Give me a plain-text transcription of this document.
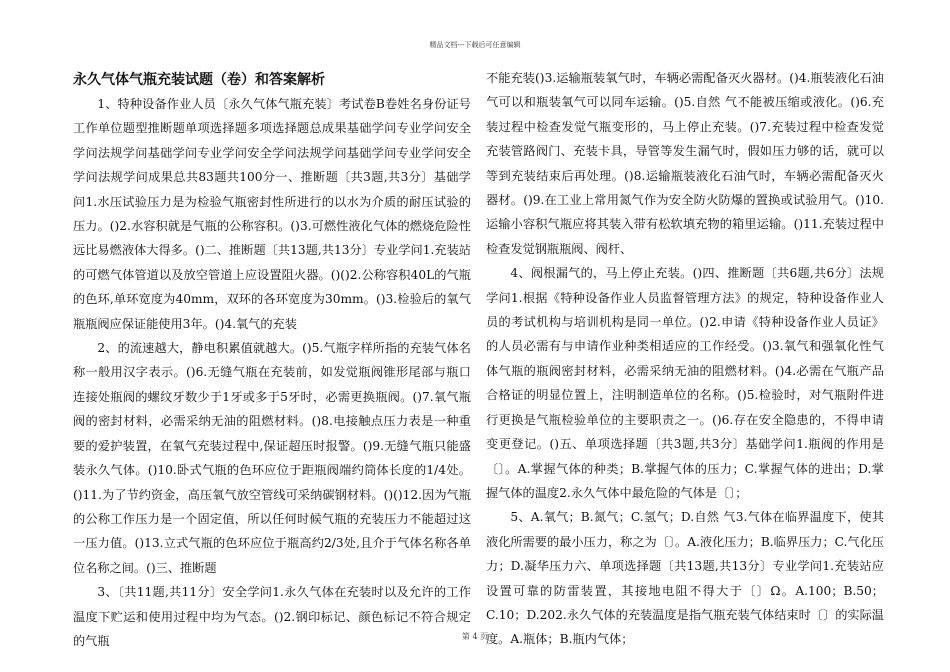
精品文档---下载后可任意编辑
永久气体气瓶充装试题（卷）和答案解析

1、特种设备作业人员〔永久气体气瓶充装〕考试卷B卷姓名身份证号工作单位题型推断题单项选择题多项选择题总成果基础学问专业学问安全学问法规学问基础学问专业学问安全学问法规学问基础学问专业学问安全学问法规学问成果总共83题共100分一、推断题〔共3题,共3分〕基础学问1.水压试验压力是为检验气瓶密封性所进行的以水为介质的耐压试验的压力。()2.水容积就是气瓶的公称容积。()3.可燃性液化气体的燃烧危险性远比易燃液体大得多。()二、推断题〔共13题,共13分〕专业学问1.充装站的可燃气体管道以及放空管道上应设置阻火器。()()2.公称容积40L的气瓶的色环,单环宽度为40mm，双环的各环宽度为30mm。()3.检验后的氧气瓶瓶阀应保证能使用3年。()4.氧气的充装

2、的流速越大，静电积累值就越大。()5.气瓶字样所指的充装气体名称一般用汉字表示。()6.无缝气瓶在充装前，如发觉瓶阀锥形尾部与瓶口连接处瓶阀的螺纹牙数少于1牙或多于5牙时，必需更换瓶阀。()7.氧气瓶阀的密封材料，必需采纳无油的阻燃材料。()8.电接触点压力表是一种重要的爱护装置，在氧气充装过程中,保证超压时报警。()9.无缝气瓶只能盛装永久气体。()10.卧式气瓶的色环应位于距瓶阀端约筒体长度的1/4处。()11.为了节约资金，高压氧气放空管线可采纳碳钢材料。()()12.因为气瓶的公称工作压力是一个固定值，所以任何时候气瓶的充装压力不能超过这一压力值。()13.立式气瓶的色环应位于瓶高约2/3处,且介于气体名称各单位名称之间。()三、推断题

3、〔共11题,共11分〕安全学问1.永久气体在充装时以及允许的工作温度下贮运和使用过程中均为气态。()2.钢印标记、颜色标记不符合规定的气瓶

不能充装()3.运输瓶装氧气时，车辆必需配备灭火器材。()4.瓶装液化石油气可以和瓶装氧气可以同车运输。()5.自然 气不能被压缩或液化。()6.充装过程中检查发觉气瓶变形的，马上停止充装。()7.充装过程中检查发觉充装管路阀门、充装卡具，导管等发生漏气时，假如压力够的话，就可以等到充装结束后再处理。()8.运输瓶装液化石油气时，车辆必需配备灭火器材。()9.在工业上常用氮气作为安全防火防爆的置换或试验用气。()10.运输小容积气瓶应将其装入带有松软填充物的箱里运输。()11.充装过程中检查发觉钢瓶瓶阀、阀杆、

4、阀根漏气的，马上停止充装。()四、推断题〔共6题,共6分〕法规学问1.根据《特种设备作业人员监督管理方法》的规定，特种设备作业人员的考试机构与培训机构是同一单位。()2.申请《特种设备作业人员证》的人员必需有与申请作业种类相适应的工作经受。()3.氧气和强氧化性气体气瓶的瓶阀密封材料，必需采纳无油的阻燃材料。()4.必需在气瓶产品合格证的明显位置上，注明制造单位的名称。()5.检验时，对气瓶附件进行更换是气瓶检验单位的主要职责之一。()6.存在安全隐患的，不得申请变更登记。()五、单项选择题〔共3题,共3分〕基础学问1.瓶阀的作用是〔〕。A.掌握气体的种类；B.掌握气体的压力；C.掌握气体的进出；D.掌握气体的温度2.永久气体中最危险的气体是〔〕；

5、A.氧气；B.氮气；C.氢气；D.自然 气3.气体在临界温度下，使其液化所需要的最小压力，称之为〔〕。A.液化压力；B.临界压力；C.气化压力；D.凝华压力六、单项选择题〔共13题,共13分〕专业学问1.充装站应设置可靠的防雷装置，其接地电阻不得大于〔〕Ω。A.100；B.50；C.10；D.202.永久气体的充装温度是指气瓶充装气体结束时〔〕的实际温度。A.瓶体；B.瓶内气体；

第 4 页
